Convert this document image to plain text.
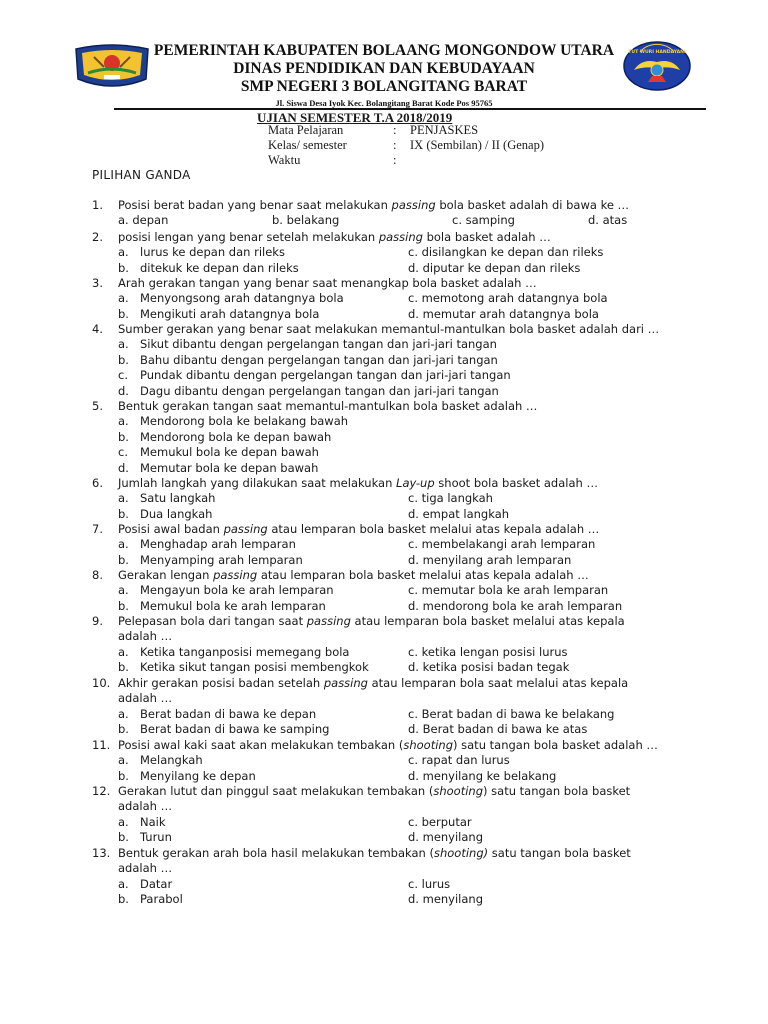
PEMERINTAH KABUPATEN BOLAANG MONGONDOW UTARA
DINAS PENDIDIKAN DAN KEBUDAYAAN
SMP NEGERI 3 BOLANGITANG BARAT
Jl. Siswa Desa Iyok Kec. Bolangitang Barat Kode Pos 95765
TUT WURI HANDAYANI
UJIAN SEMESTER T.A 2018/2019
Mata Pelajaran	: PENJASKES
Kelas/ semester	: IX (Sembilan) / II (Genap)
Waktu	:
PILIHAN GANDA
1.	Posisi berat badan yang benar saat melakukan passing bola basket adalah di bawa ke …
a. depan	b. belakang	c. samping	d. atas
2.	posisi lengan yang benar setelah melakukan passing bola basket adalah …
a. lurus ke depan dan rileks	c. disilangkan ke depan dan rileks
b. ditekuk ke depan dan rileks	d. diputar ke depan dan rileks
3.	Arah gerakan tangan yang benar saat menangkap bola basket adalah …
a. Menyongsong arah datangnya bola	c. memotong arah datangnya bola
b. Mengikuti arah datangnya bola	d. memutar arah datangnya bola
4.	Sumber gerakan yang benar saat melakukan memantul-mantulkan bola basket adalah dari …
a. Sikut dibantu dengan pergelangan tangan dan jari-jari tangan
b. Bahu dibantu dengan pergelangan tangan dan jari-jari tangan
c. Pundak dibantu dengan pergelangan tangan dan jari-jari tangan
d. Dagu dibantu dengan pergelangan tangan dan jari-jari tangan
5.	Bentuk gerakan tangan saat memantul-mantulkan bola basket adalah …
a. Mendorong bola ke belakang bawah
b. Mendorong bola ke depan bawah
c. Memukul bola ke depan bawah
d. Memutar bola ke depan bawah
6.	Jumlah langkah yang dilakukan saat melakukan Lay-up shoot bola basket adalah …
a. Satu langkah	c. tiga langkah
b. Dua langkah	d. empat langkah
7.	Posisi awal badan passing atau lemparan bola basket melalui atas kepala adalah …
a. Menghadap arah lemparan	c. membelakangi arah lemparan
b. Menyamping arah lemparan	d. menyilang arah lemparan
8.	Gerakan lengan passing atau lemparan bola basket melalui atas kepala adalah …
a. Mengayun bola ke arah lemparan	c. memutar bola ke arah lemparan
b. Memukul bola ke arah lemparan	d. mendorong bola ke arah lemparan
9.	Pelepasan bola dari tangan saat passing atau lemparan bola basket melalui atas kepala
adalah …
a. Ketika tanganposisi memegang bola	c. ketika lengan posisi lurus
b. Ketika sikut tangan posisi membengkok	d. ketika posisi badan tegak
10. Akhir gerakan posisi badan setelah passing atau lemparan bola saat melalui atas kepala
adalah …
a. Berat badan di bawa ke depan	c. Berat badan di bawa ke belakang
b. Berat badan di bawa ke samping	d. Berat badan di bawa ke atas
11. Posisi awal kaki saat akan melakukan tembakan (shooting) satu tangan bola basket adalah …
a. Melangkah	c. rapat dan lurus
b. Menyilang ke depan	d. menyilang ke belakang
12. Gerakan lutut dan pinggul saat melakukan tembakan (shooting) satu tangan bola basket
adalah …
a. Naik	c. berputar
b. Turun	d. menyilang
13. Bentuk gerakan arah bola hasil melakukan tembakan (shooting) satu tangan bola basket
adalah …
a. Datar	c. lurus
b. Parabol	d. menyilang
